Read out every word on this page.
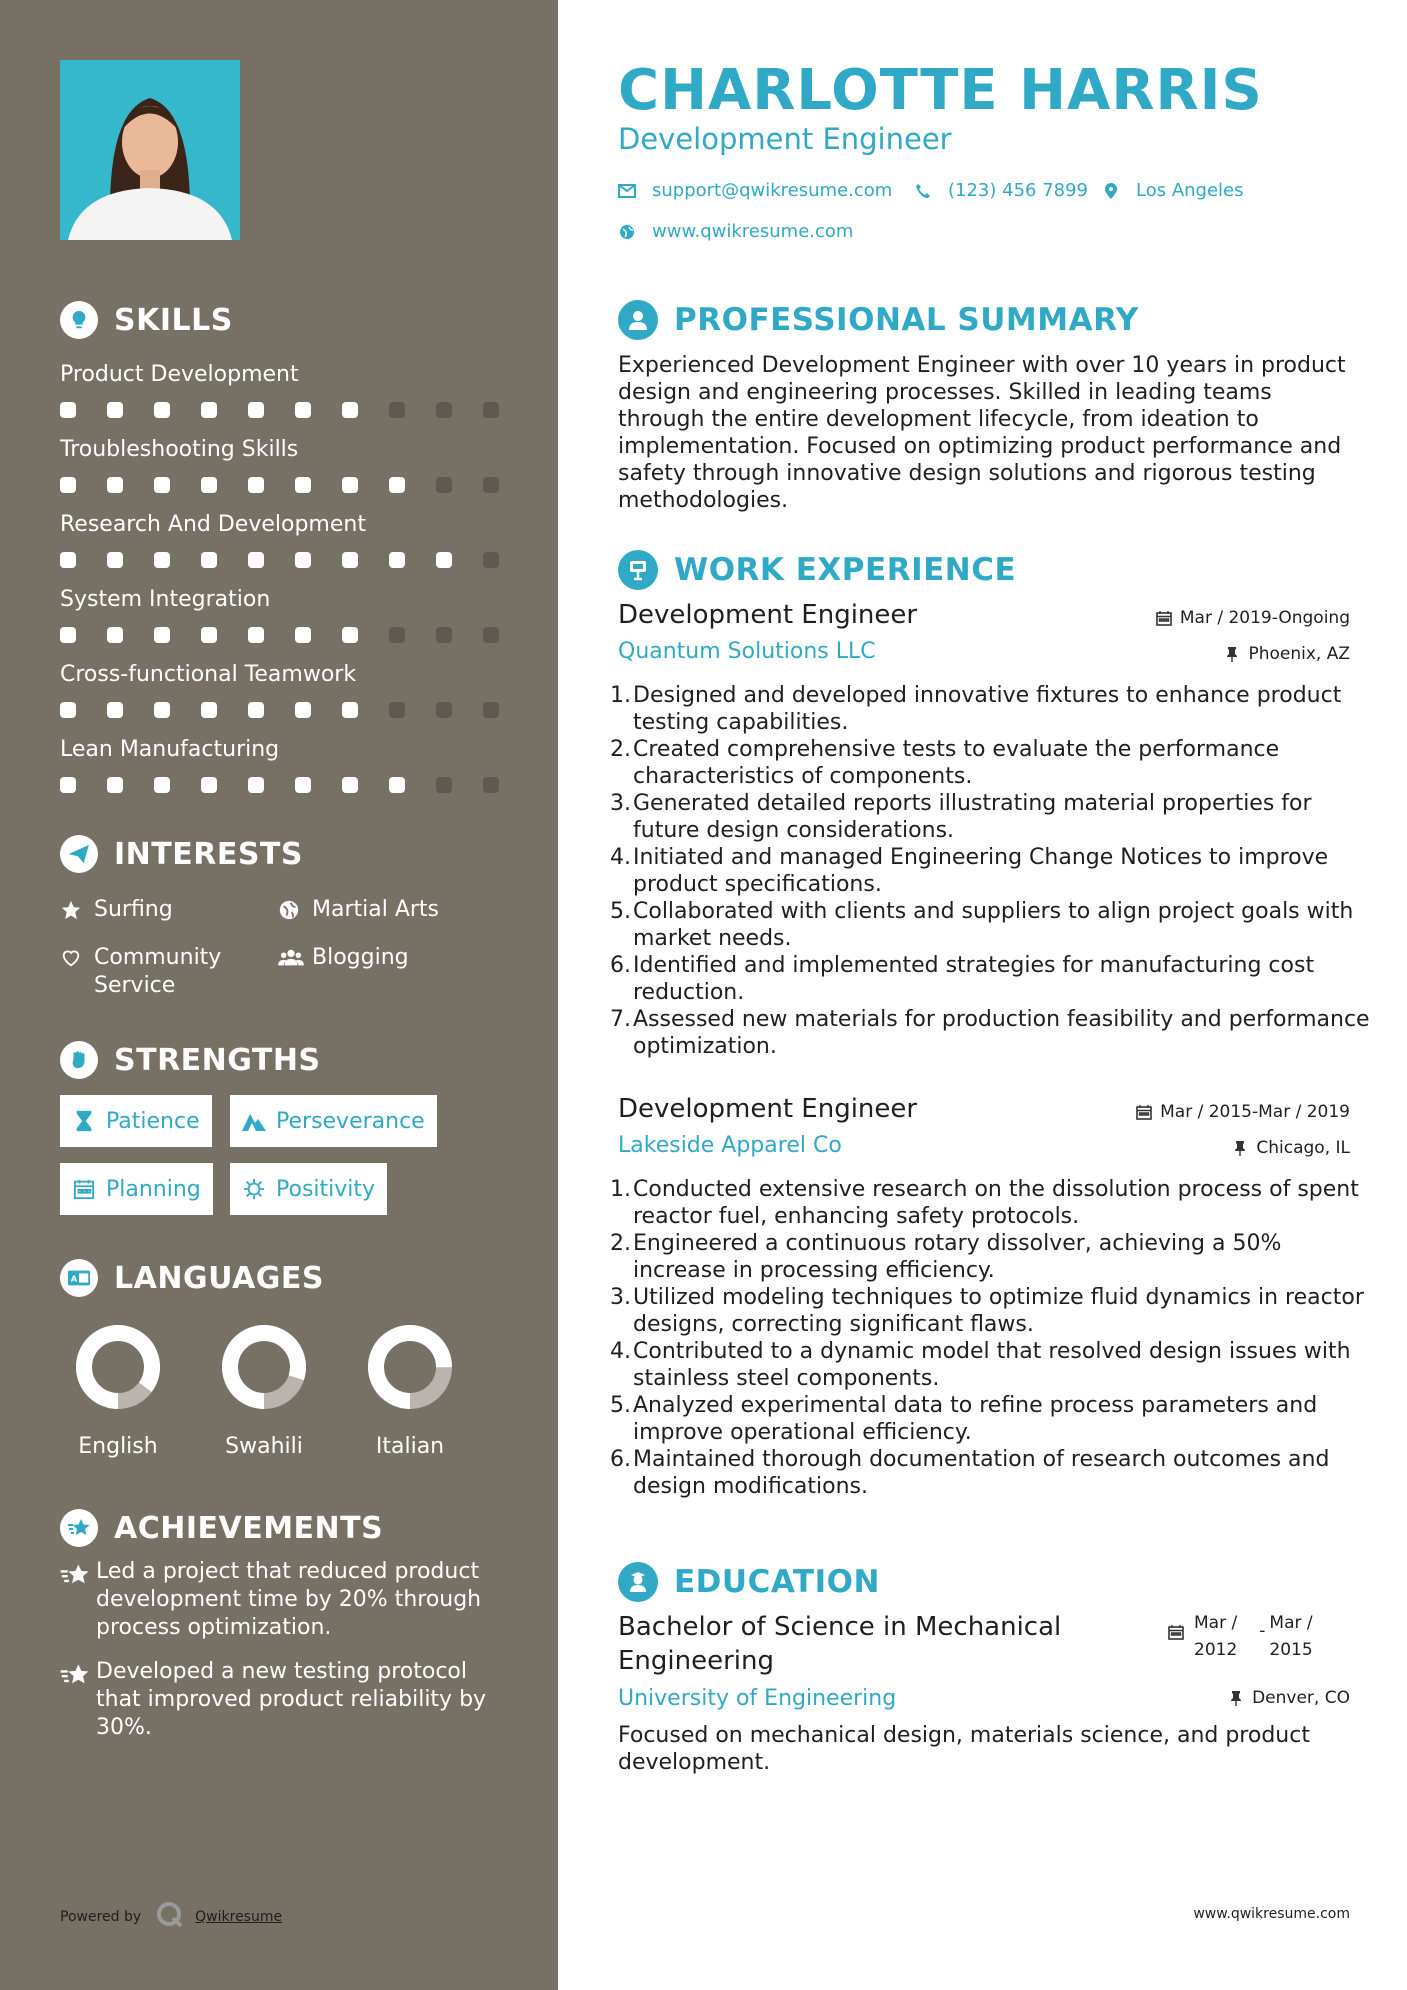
SKILLS
Product Development
Troubleshooting Skills
Research And Development
System Integration
Cross-functional Teamwork
Lean Manufacturing
INTERESTS
Surfing	Martial Arts
Community Service
Blogging
STRENGTHS
Patience	Perseverance
Planning	Positivity
A LANGUAGES
English	Swahili	Italian
ACHIEVEMENTS
Led a project that reduced product development time by 20% through process optimization.
Developed a new testing protocol that improved product reliability by 30%.
Powered by	Qwikresume
CHARLOTTE HARRIS
Development Engineer
support@qwikresume.com	(123) 456 7899	Los Angeles
www.qwikresume.com
PROFESSIONAL SUMMARY
Experienced Development Engineer with over 10 years in product design and engineering processes. Skilled in leading teams through the entire development lifecycle, from ideation to implementation. Focused on optimizing product performance and safety through innovative design solutions and rigorous testing methodologies.
WORK EXPERIENCE
Development Engineer
Quantum Solutions LLC
Mar / 2019-Ongoing
Phoenix, AZ
1. Designed and developed innovative fixtures to enhance product testing capabilities.
2. Created comprehensive tests to evaluate the performance characteristics of components.
3. Generated detailed reports illustrating material properties for future design considerations.
4. Initiated and managed Engineering Change Notices to improve product specifications.
5. Collaborated with clients and suppliers to align project goals with market needs.
6. Identified and implemented strategies for manufacturing cost reduction.
7. Assessed new materials for production feasibility and performance optimization.
Development Engineer
Lakeside Apparel Co
Mar / 2015-Mar / 2019
Chicago, IL
1. Conducted extensive research on the dissolution process of spent reactor fuel, enhancing safety protocols.
2. Engineered a continuous rotary dissolver, achieving a 50% increase in processing efficiency.
3. Utilized modeling techniques to optimize fluid dynamics in reactor designs, correcting significant flaws.
4. Contributed to a dynamic model that resolved design issues with stainless steel components.
5. Analyzed experimental data to refine process parameters and improve operational efficiency.
6. Maintained thorough documentation of research outcomes and design modifications.
EDUCATION
Bachelor of Science in Mechanical Engineering
Mar /
2012
- Mar /
2015
University of Engineering	Denver, CO
Focused on mechanical design, materials science, and product development.
www.qwikresume.com
